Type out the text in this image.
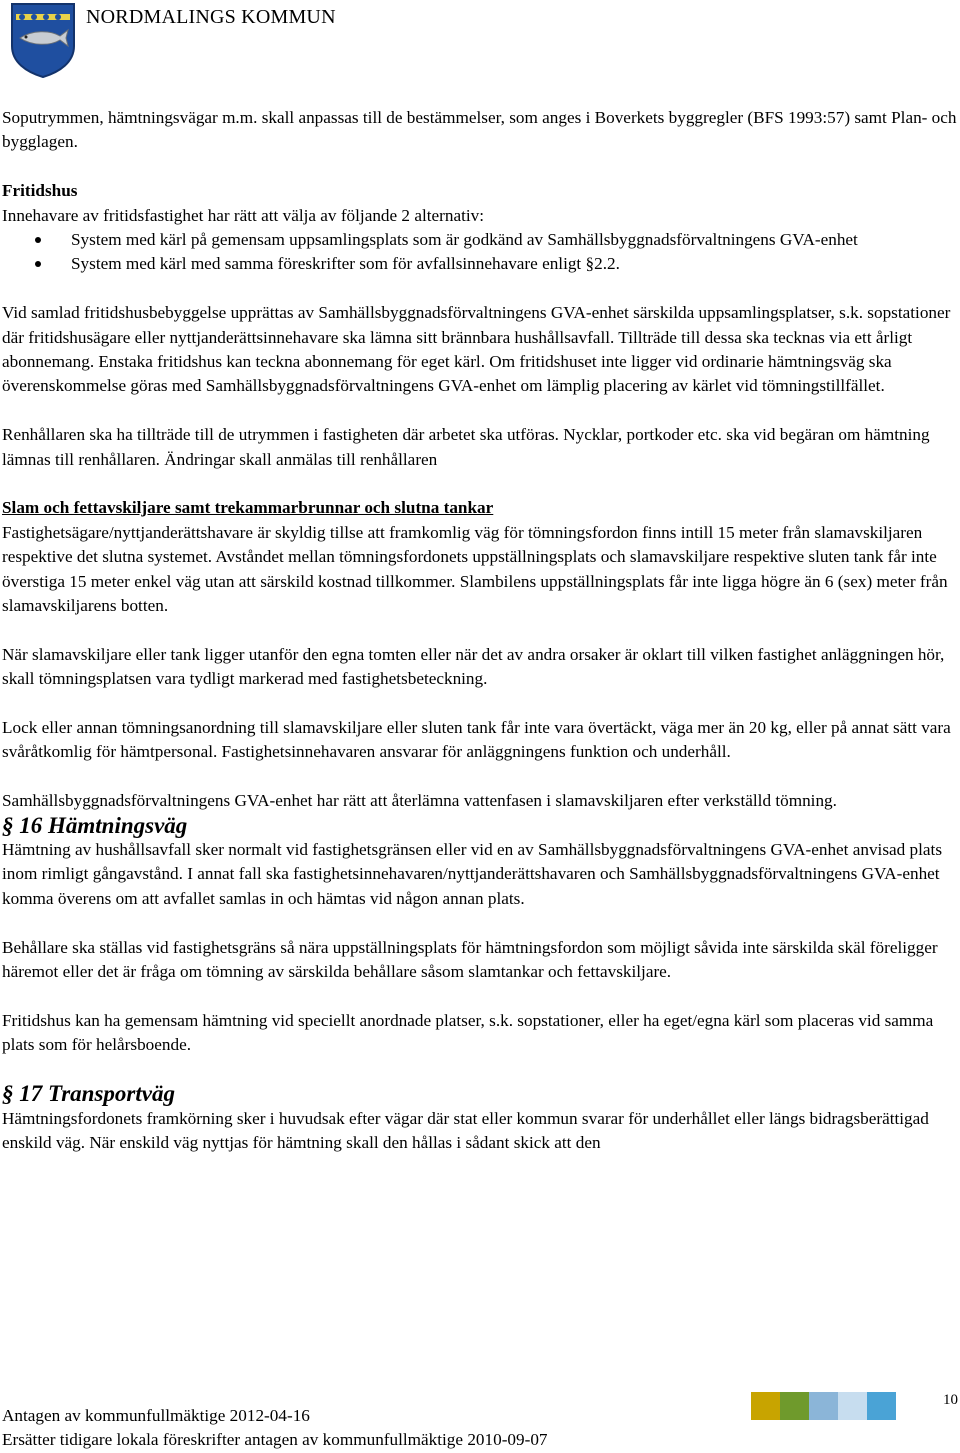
NORDMALINGS KOMMUN

Soputrymmen, hämtningsvägar m.m. skall anpassas till de bestämmelser, som anges i Boverkets byggregler (BFS 1993:57) samt Plan- och bygglagen.

Fritidshus

Innehavare av fritidsfastighet har rätt att välja av följande 2 alternativ:

System med kärl på gemensam uppsamlingsplats som är godkänd av Samhällsbyggnadsförvaltningens GVA-enhet
System med kärl med samma föreskrifter som för avfallsinnehavare enligt §2.2.

Vid samlad fritidshusbebyggelse upprättas av Samhällsbyggnadsförvaltningens GVA-enhet särskilda uppsamlingsplatser, s.k. sopstationer där fritidshusägare eller nyttjanderättsinnehavare ska lämna sitt brännbara hushållsavfall. Tillträde till dessa ska tecknas via ett årligt abonnemang. Enstaka fritidshus kan teckna abonnemang för eget kärl. Om fritidshuset inte ligger vid ordinarie hämtningsväg ska överenskommelse göras med Samhällsbyggnadsförvaltningens GVA-enhet om lämplig placering av kärlet vid tömningstillfället.

Renhållaren ska ha tillträde till de utrymmen i fastigheten där arbetet ska utföras. Nycklar, portkoder etc. ska vid begäran om hämtning lämnas till renhållaren. Ändringar skall anmälas till renhållaren

Slam och fettavskiljare samt trekammarbrunnar och slutna tankar

Fastighetsägare/nyttjanderättshavare är skyldig tillse att framkomlig väg för tömningsfordon finns intill 15 meter från slamavskiljaren respektive det slutna systemet. Avståndet mellan tömningsfordonets uppställningsplats och slamavskiljare respektive sluten tank får inte överstiga 15 meter enkel väg utan att särskild kostnad tillkommer. Slambilens uppställningsplats får inte ligga högre än 6 (sex) meter från slamavskiljarens botten.

När slamavskiljare eller tank ligger utanför den egna tomten eller när det av andra orsaker är oklart till vilken fastighet anläggningen hör, skall tömningsplatsen vara tydligt markerad med fastighetsbeteckning.

Lock eller annan tömningsanordning till slamavskiljare eller sluten tank får inte vara övertäckt, väga mer än 20 kg, eller på annat sätt vara svåråtkomlig för hämtpersonal. Fastighetsinnehavaren ansvarar för anläggningens funktion och underhåll.

Samhällsbyggnadsförvaltningens GVA-enhet har rätt att återlämna vattenfasen i slamavskiljaren efter verkställd tömning.

§ 16 Hämtningsväg

Hämtning av hushållsavfall sker normalt vid fastighetsgränsen eller vid en av Samhällsbyggnadsförvaltningens GVA-enhet anvisad plats inom rimligt gångavstånd. I annat fall ska fastighetsinnehavaren/nyttjanderättshavaren och Samhällsbyggnadsförvaltningens GVA-enhet komma överens om att avfallet samlas in och hämtas vid någon annan plats.

Behållare ska ställas vid fastighetsgräns så nära uppställningsplats för hämtningsfordon som möjligt såvida inte särskilda skäl föreligger häremot eller det är fråga om tömning av särskilda behållare såsom slamtankar och fettavskiljare.

Fritidshus kan ha gemensam hämtning vid speciellt anordnade platser, s.k. sopstationer, eller ha eget/egna kärl som placeras vid samma plats som för helårsboende.

§ 17 Transportväg

Hämtningsfordonets framkörning sker i huvudsak efter vägar där stat eller kommun svarar för underhållet eller längs bidragsberättigad enskild väg. När enskild väg nyttjas för hämtning skall den hållas i sådant skick att den

10
Antagen av kommunfullmäktige 2012-04-16
Ersätter tidigare lokala föreskrifter antagen av kommunfullmäktige 2010-09-07
